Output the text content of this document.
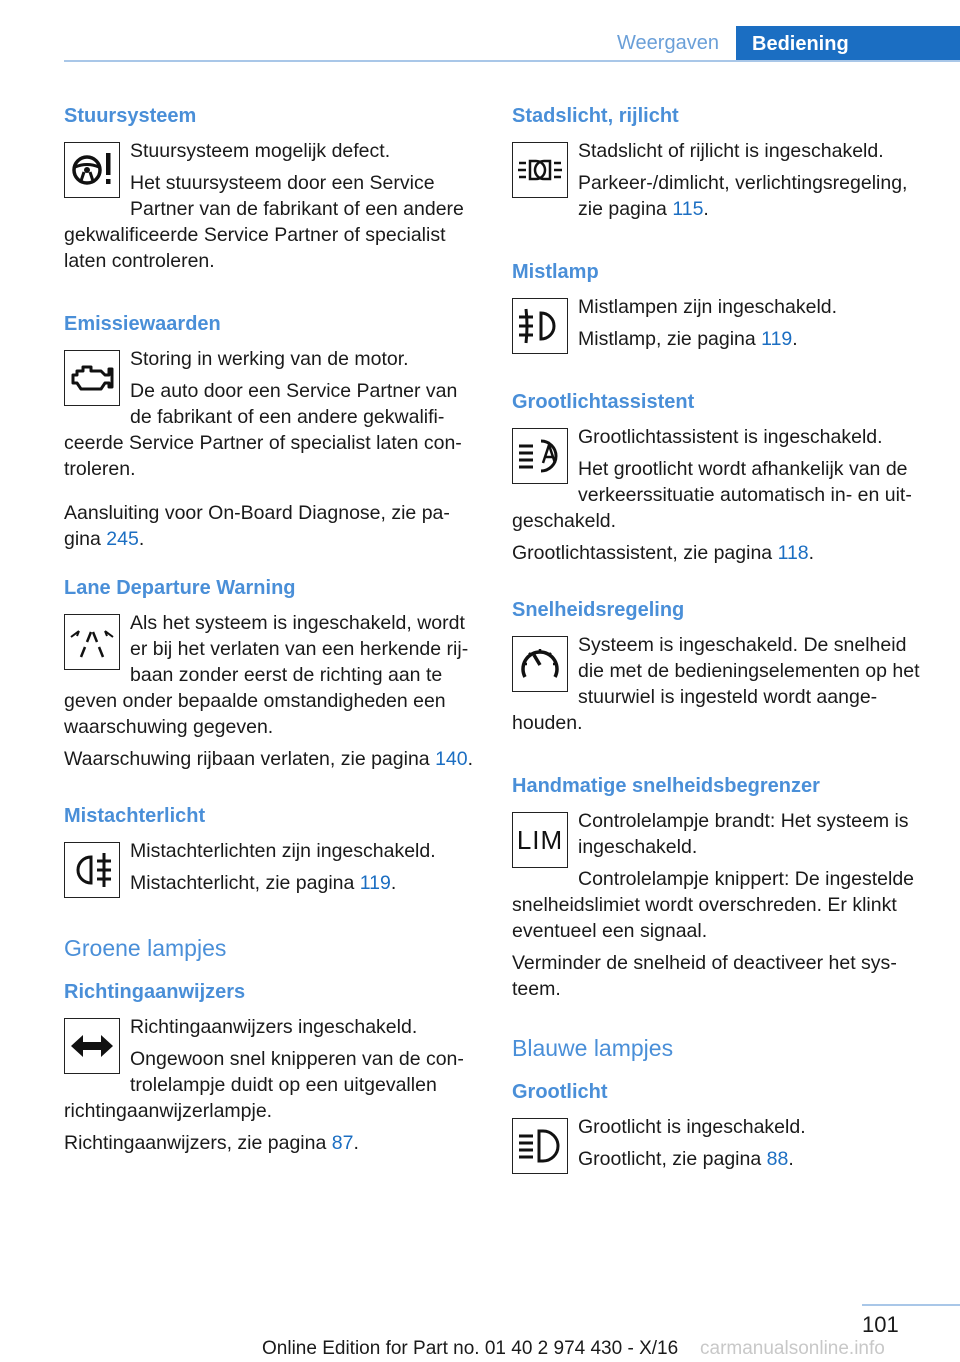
Weergaven	Bediening
Stuursysteem
Stuursysteem mogelijk defect.
Het stuursysteem door een Service Partner van de fabrikant of een andere gekwalificeerde Service Partner of specialist laten controleren.
Emissiewaarden
Storing in werking van de motor.
De auto door een Service Partner van de fabrikant of een andere gekwalificeerde Service Partner of specialist laten controleren.
Aansluiting voor On-Board Diagnose, zie pagina 245.
Lane Departure Warning
Als het systeem is ingeschakeld, wordt er bij het verlaten van een herkende rijbaan zonder eerst de richting aan te geven onder bepaalde omstandigheden een waarschuwing gegeven.
Waarschuwing rijbaan verlaten, zie pagina 140.
Mistachterlicht
Mistachterlichten zijn ingeschakeld.
Mistachterlicht, zie pagina 119.
Groene lampjes
Richtingaanwijzers
Richtingaanwijzers ingeschakeld.
Ongewoon snel knipperen van de controlelampje duidt op een uitgevallen richtingaanwijzerlampje.
Richtingaanwijzers, zie pagina 87.
Stadslicht, rijlicht
Stadslicht of rijlicht is ingeschakeld.
Parkeer-/dimlicht, verlichtingsregeling, zie pagina 115.
Mistlamp
Mistlampen zijn ingeschakeld.
Mistlamp, zie pagina 119.
Grootlichtassistent
Grootlichtassistent is ingeschakeld.
Het grootlicht wordt afhankelijk van de verkeerssituatie automatisch in- en uitgeschakeld.
Grootlichtassistent, zie pagina 118.
Snelheidsregeling
Systeem is ingeschakeld. De snelheid die met de bedieningselementen op het stuurwiel is ingesteld wordt aangehouden.
Handmatige snelheidsbegrenzer
LIM
Controlelampje brandt: Het systeem is ingeschakeld.
Controlelampje knippert: De ingestelde snelheidslimiet wordt overschreden. Er klinkt eventueel een signaal.
Verminder de snelheid of deactiveer het systeem.
Blauwe lampjes
Grootlicht
Grootlicht is ingeschakeld.
Grootlicht, zie pagina 88.
101
Online Edition for Part no. 01 40 2 974 430 - X/16 carmanualsonline.info
